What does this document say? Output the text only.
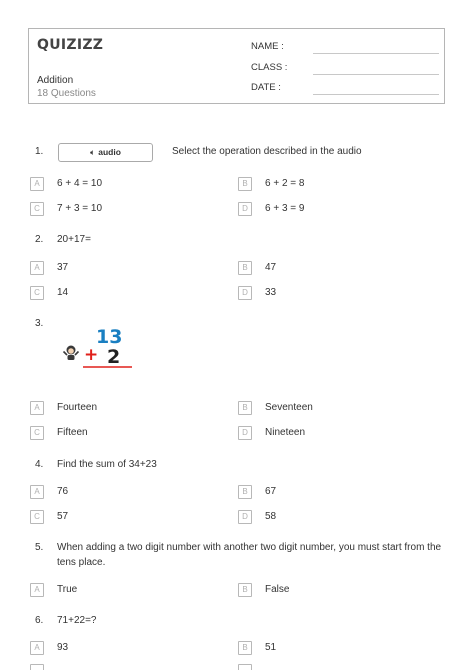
QUIZIZZ
Addition
18 Questions
NAME :
CLASS :
DATE :
1.	🔈︎ audio	Select the operation described in the audio
A	6 + 4 = 10	B	6 + 2 = 8
C	7 + 3 = 10	D	6 + 3 = 9
2. 20+17=
A	37	B	47
C	14	D	33
3.
13
+ 2
A	Fourteen	B	Seventeen
C	Fifteen	D	Nineteen
4. Find the sum of 34+23
A	76	B	67
C	57	D	58
5. When adding a two digit number with another two digit number, you must start from the tens place.
A	True	B	False
6. 71+22=?
A	93	B	51
